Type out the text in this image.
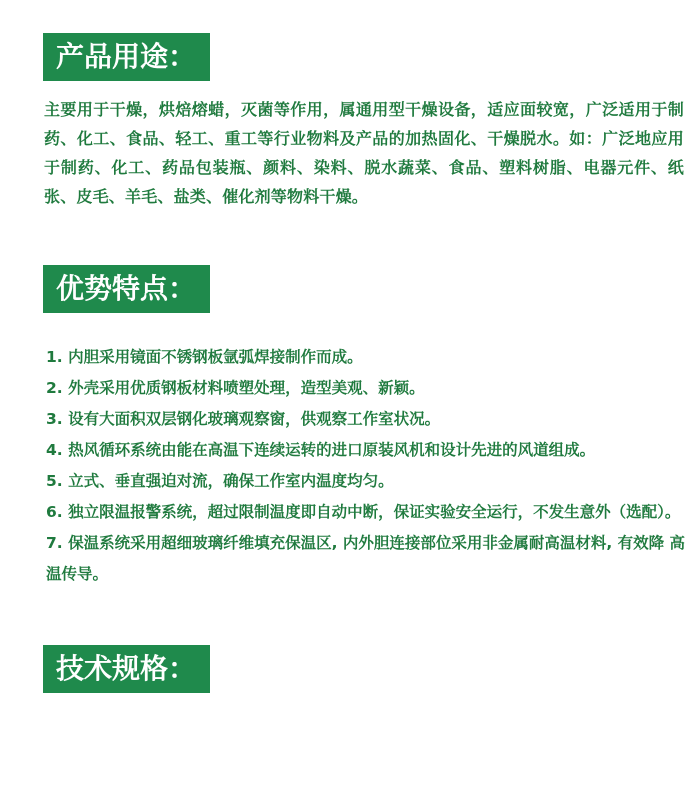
产品用途：
主要用于干燥，烘焙熔蜡，灭菌等作用，属通用型干燥设备，适应面较宽，广泛适用于制药、化工、食品、轻工、重工等行业物料及产品的加热固化、干燥脱水。如：广泛地应用于制药、化工、药品包装瓶、颜料、染料、脱水蔬菜、食品、塑料树脂、电器元件、纸张、皮毛、羊毛、盐类、催化剂等物料干燥。
优势特点：
1. 内胆采用镜面不锈钢板氩弧焊接制作而成。
2. 外壳采用优质钢板材料喷塑处理，造型美观、新颖。
3. 设有大面积双层钢化玻璃观察窗，供观察工作室状况。
4. 热风循环系统由能在高温下连续运转的进口原装风机和设计先进的风道组成。
5. 立式、垂直强迫对流，确保工作室内温度均匀。
6. 独立限温报警系统，超过限制温度即自动中断，保证实验安全运行，不发生意外（选配）。
7. 保温系统采用超细玻璃纤维填充保温区, 内外胆连接部位采用非金属耐高温材料, 有效降 高温传导。
技术规格：
